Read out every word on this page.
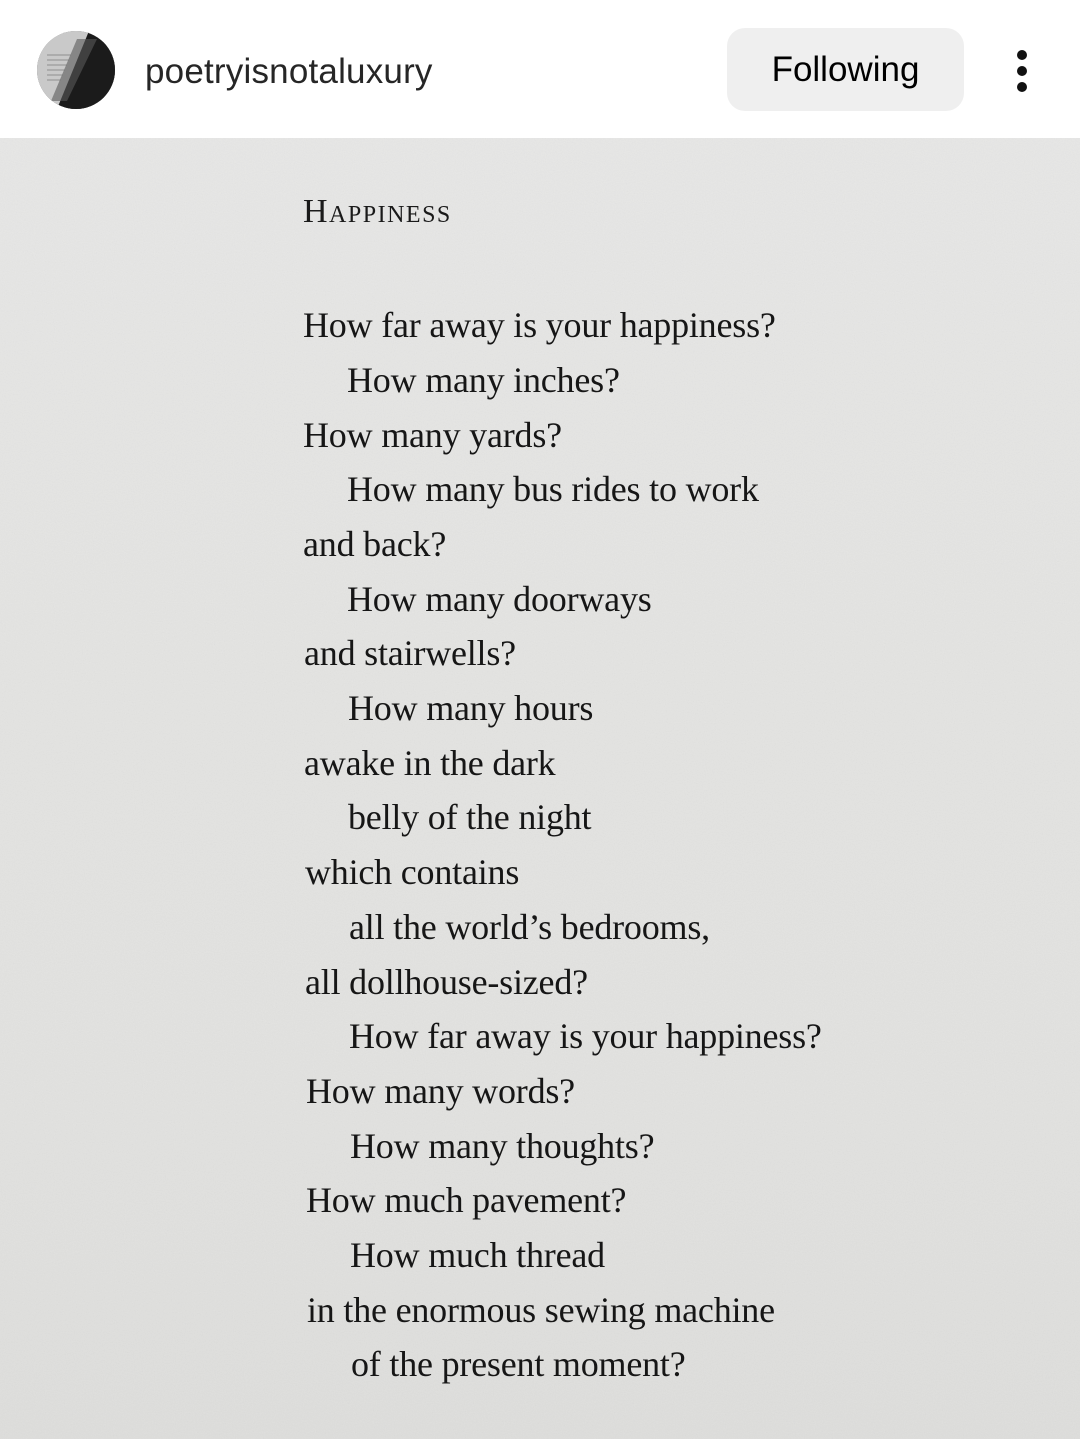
poetryisnotaluxury	Following
Happiness
How far away is your happiness?
How many inches?
How many yards?
How many bus rides to work
and back?
How many doorways
and stairwells?
How many hours
awake in the dark
belly of the night
which contains
all the world’s bedrooms,
all dollhouse-sized?
How far away is your happiness?
How many words?
How many thoughts?
How much pavement?
How much thread
in the enormous sewing machine
of the present moment?
